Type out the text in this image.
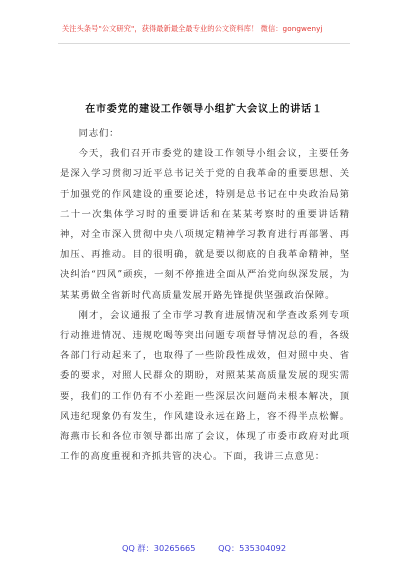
关注头条号"公文研究"，获得最新最全最专业的公文资料库！ 微信：gongwenyj
在市委党的建设工作领导小组扩大会议上的讲话１

同志们：

今天，我们召开市委党的建设工作领导小组会议，主要任务是深入学习贯彻习近平总书记关于党的自我革命的重要思想、关于加强党的作风建设的重要论述，特别是总书记在中央政治局第二十一次集体学习时的重要讲话和在某某考察时的重要讲话精神，对全市深入贯彻中央八项规定精神学习教育进行再部署、再加压、再推动。目的很明确，就是要以彻底的自我革命精神，坚决纠治“四风”顽疾，一刻不停推进全面从严治党向纵深发展，为某某勇做全省新时代高质量发展开路先锋提供坚强政治保障。

刚才，会议通报了全市学习教育进展情况和学查改系列专项行动推进情况、违规吃喝等突出问题专项督导情况总的看，各级各部门行动起来了，也取得了一些阶段性成效，但对照中央、省委的要求，对照人民群众的期盼，对照某某高质量发展的现实需要，我们的工作仍有不小差距一些深层次问题尚未根本解决，顶风违纪现象仍有发生，作风建设永远在路上，容不得半点松懈。海燕市长和各位市领导都出席了会议，体现了市委市政府对此项工作的高度重视和齐抓共管的决心。下面，我讲三点意见：

QQ 群：30265665	QQ：535304092
